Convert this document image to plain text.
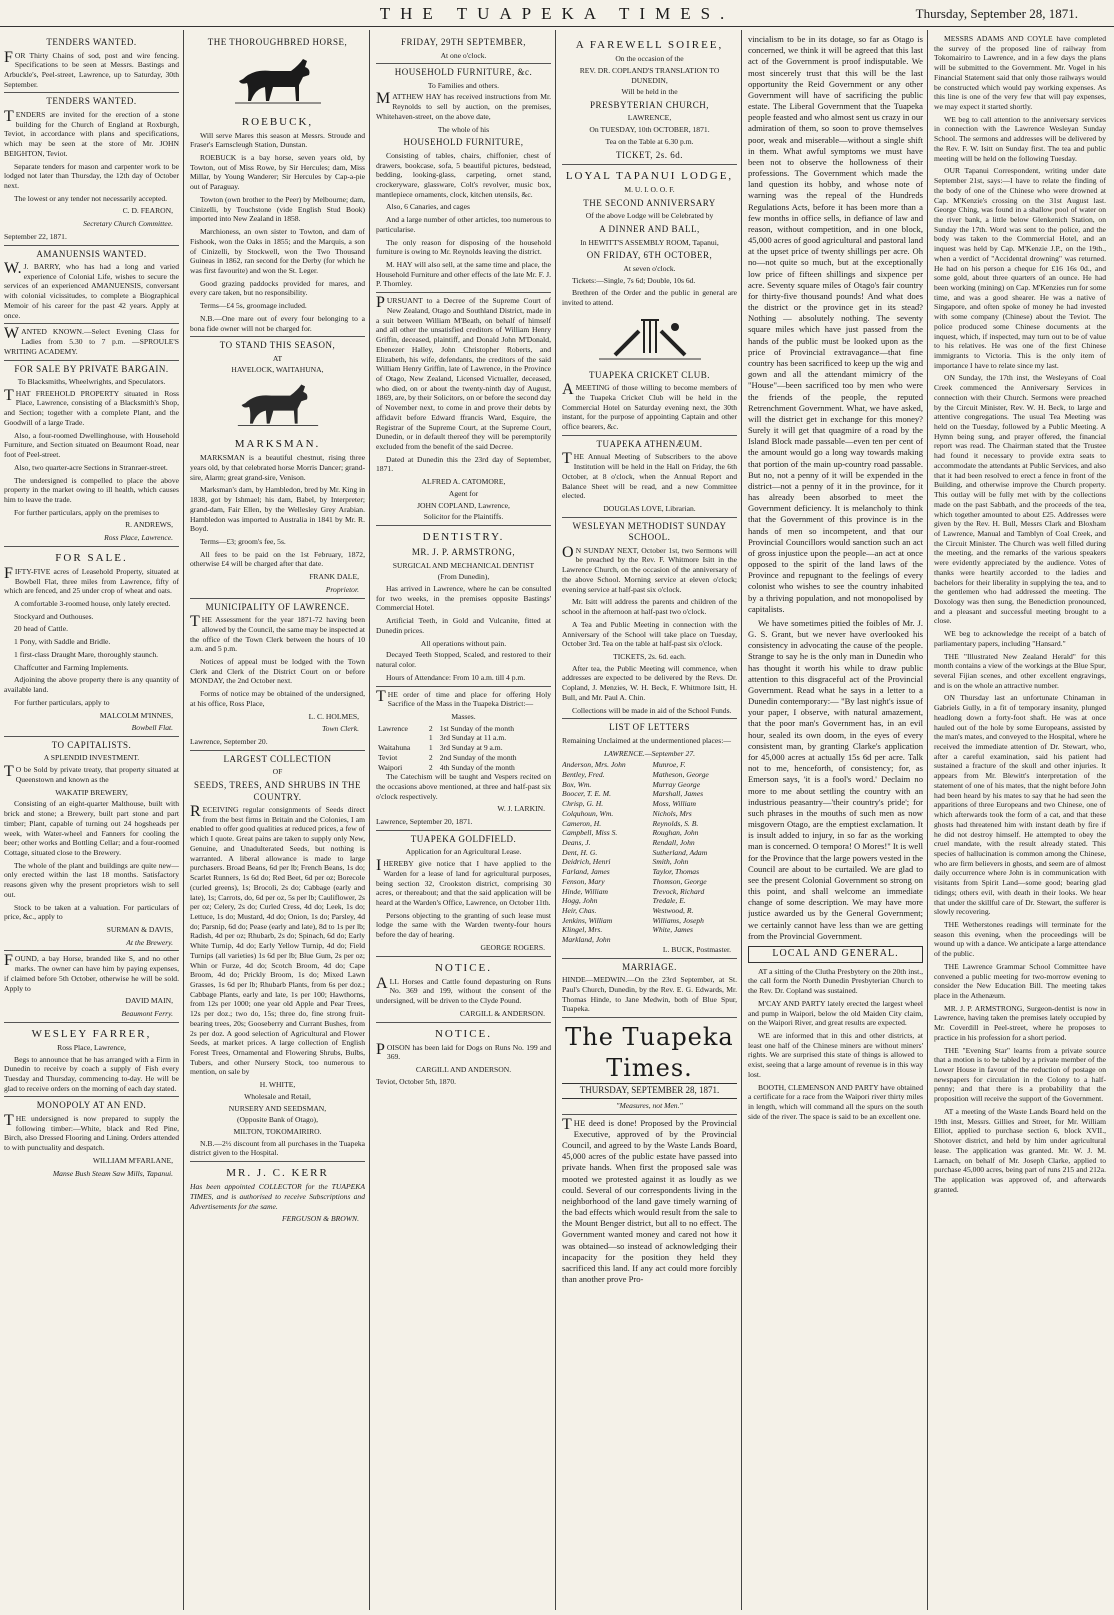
THE TUAPEKA TIMES.	Thursday, September 28, 1871.
TENDERS WANTED.
FOR Thirty Chains of sod, post and wire fencing. Specifications to be seen at Messrs. Bastings and Arbuckle's, Peel-street, Lawrence, up to Saturday, 30th September.
TENDERS WANTED.
TENDERS are invited for the erection of a stone building for the Church of England at Roxburgh, Teviot, in accordance with plans and specifications, which may be seen at the store of Mr. JOHN BEIGHTON, Teviot.
Separate tenders for mason and carpenter work to be lodged not later than Thursday, the 12th day of October next.
The lowest or any tender not necessarily accepted.
C. D. FEARON,
Secretary Church Committee.
September 22, 1871.
AMANUENSIS WANTED.
W.J. BARRY, who has had a long and varied experience of Colonial Life, wishes to secure the services of an experienced AMANUENSIS, conversant with colonial vicissitudes, to complete a Biographical Memoir of his career for the past 42 years. Apply at once.
WANTED KNOWN.—Select Evening Class for Ladies from 5.30 to 7 p.m. —SPROULE'S WRITING ACADEMY.
FOR SALE BY PRIVATE BARGAIN.
To Blacksmiths, Wheelwrights, and Speculators.
THAT FREEHOLD PROPERTY situated in Ross Place, Lawrence, consisting of a Blacksmith's Shop, and Section; together with a complete Plant, and the Goodwill of a large Trade.
Also, a four-roomed Dwellinghouse, with Household Furniture, and Section situated on Beaumont Road, near foot of Peel-street.
Also, two quarter-acre Sections in Stranraer-street.
The undersigned is compelled to place the above property in the market owing to ill health, which causes him to leave the trade.
For further particulars, apply on the premises to
R. ANDREWS,
Ross Place, Lawrence.
FOR SALE.
FIFTY-FIVE acres of Leasehold Property, situated at Bowbell Flat, three miles from Lawrence, fifty of which are fenced, and 25 under crop of wheat and oats.
A comfortable 3-roomed house, only lately erected.
Stockyard and Outhouses.
20 head of Cattle.
1 Pony, with Saddle and Bridle.
1 first-class Draught Mare, thoroughly staunch.
Chaffcutter and Farming Implements.
Adjoining the above property there is any quantity of available land.
For further particulars, apply to
MALCOLM M'INNES,
Bowbell Flat.
TO CAPITALISTS.
A SPLENDID INVESTMENT.
TO be Sold by private treaty, that property situated at Queenstown and known as the
WAKATIP BREWERY,
Consisting of an eight-quarter Malthouse, built with brick and stone; a Brewery, built part stone and part timber; Plant, capable of turning out 24 hogsheads per week, with Water-wheel and Fanners for cooling the beer; other works and Bottling Cellar; and a four-roomed Cottage, situated close to the Brewery.
The whole of the plant and buildings are quite new—only erected within the last 18 months. Satisfactory reasons given why the present proprietors wish to sell out.
Stock to be taken at a valuation. For particulars of price, &c., apply to
SURMAN & DAVIS,
At the Brewery.
FOUND, a bay Horse, branded like S, and no other marks. The owner can have him by paying expenses, if claimed before 5th October, otherwise he will be sold. Apply to
DAVID MAIN,
Beaumont Ferry.
WESLEY FARRER,
Ross Place, Lawrence,
Begs to announce that he has arranged with a Firm in Dunedin to receive by coach a supply of Fish every Tuesday and Thursday, commencing to-day. He will be glad to receive orders on the morning of each day stated.
MONOPOLY AT AN END.
THE undersigned is now prepared to supply the following timber:—White, black and Red Pine, Birch, also Dressed Flooring and Lining. Orders attended to with punctuality and despatch.
WILLIAM M'FARLANE,
Manse Bush Steam Saw Mills, Tapanui.
THE THOROUGHBRED HORSE,
ROEBUCK,
Will serve Mares this season at Messrs. Stroude and Fraser's Earnscleugh Station, Dunstan.
ROEBUCK is a bay horse, seven years old, by Towton, out of Miss Rowe, by Sir Hercules; dam, Miss Millar, by Young Wanderer; Sir Hercules by Cap-a-pie out of Paraguay.
Towton (own brother to the Peer) by Melbourne; dam, Cinizelli, by Touchstone (vide English Stud Book) imported into New Zealand in 1858.
Marchioness, an own sister to Towton, and dam of Fishook, won the Oaks in 1855; and the Marquis, a son of Cinizelli, by Stockwell, won the Two Thousand Guineas in 1862, ran second for the Derby (for which he was first favourite) and won the St. Leger.
Good grazing paddocks provided for mares, and every care taken, but no responsibility.
Terms—£4 5s, groomage included.
N.B.—One mare out of every four belonging to a bona fide owner will not be charged for.
TO STAND THIS SEASON,
AT
HAVELOCK, WAITAHUNA,
MARKSMAN.
MARKSMAN is a beautiful chestnut, rising three years old, by that celebrated horse Morris Dancer; grand-sire, Alarm; great grand-sire, Venison.
Marksman's dam, by Hambledon, bred by Mr. King in 1838, got by Ishmael; his dam, Babel, by Interpreter; grand-dam, Fair Ellen, by the Wellesley Grey Arabian. Hambledon was imported to Australia in 1841 by Mr. R. Boyd.
Terms—£3; groom's fee, 5s.
All fees to be paid on the 1st February, 1872, otherwise £4 will be charged after that date.
FRANK DALE,
Proprietor.
MUNICIPALITY OF LAWRENCE.
THE Assessment for the year 1871-72 having been allowed by the Council, the same may be inspected at the office of the Town Clerk between the hours of 10 a.m. and 5 p.m.
Notices of appeal must be lodged with the Town Clerk and Clerk of the District Court on or before MONDAY, the 2nd October next.
Forms of notice may be obtained of the undersigned, at his office, Ross Place,
L. C. HOLMES,
Town Clerk.
Lawrence, September 20.
LARGEST COLLECTION
OF
SEEDS, TREES, AND SHRUBS IN THE COUNTRY.
RECEIVING regular consignments of Seeds direct from the best firms in Britain and the Colonies, I am enabled to offer good qualities at reduced prices, a few of which I quote. Great pains are taken to supply only New, Genuine, and Unadulterated Seeds, but nothing is warranted. A liberal allowance is made to large purchasers. Broad Beans, 6d per lb; French Beans, 1s do; Scarlet Runners, 1s 6d do; Red Beet, 6d per oz; Borecole (curled greens), 1s; Brocoli, 2s do; Cabbage (early and late), 1s; Carrots, do, 6d per oz, 5s per lb; Cauliflower, 2s per oz; Celery, 2s do; Curled Cress, 4d do; Leek, 1s do; Lettuce, 1s do; Mustard, 4d do; Onion, 1s do; Parsley, 4d do; Parsnip, 6d do; Pease (early and late), 8d to 1s per lb; Radish, 4d per oz; Rhubarb, 2s do; Spinach, 6d do; Early White Turnip, 4d do; Early Yellow Turnip, 4d do; Field Turnips (all varieties) 1s 6d per lb; Blue Gum, 2s per oz; Whin or Furze, 4d do; Scotch Broom, 4d do; Cape Broom, 4d do; Prickly Broom, 1s do; Mixed Lawn Grasses, 1s 6d per lb; Rhubarb Plants, from 6s per doz.; Cabbage Plants, early and late, 1s per 100; Hawthorns, from 12s per 1000; one year old Apple and Pear Trees, 12s per doz.; two do, 15s; three do, fine strong fruit-bearing trees, 20s; Gooseberry and Currant Bushes, from 2s per doz. A good selection of Agricultural and Flower Seeds, at market prices. A large collection of English Forest Trees, Ornamental and Flowering Shrubs, Bulbs, Tubers, and other Nursery Stock, too numerous to mention, on sale by
H. WHITE,
Wholesale and Retail,
NURSERY AND SEEDSMAN,
(Opposite Bank of Otago),
MILTON, TOKOMAIRIRO.
N.B.—2½ discount from all purchases in the Tuapeka district given to the Hospital.
MR. J. C. KERR
Has been appointed COLLECTOR for the TUAPEKA TIMES, and is authorised to receive Subscriptions and Advertisements for the same.
FERGUSON & BROWN.
FRIDAY, 29TH SEPTEMBER,
At one o'clock.
HOUSEHOLD FURNITURE, &c.
To Families and others.
MATTHEW HAY has received instructions from Mr. Reynolds to sell by auction, on the premises, Whitehaven-street, on the above date,
The whole of his
HOUSEHOLD FURNITURE,
Consisting of tables, chairs, chiffonier, chest of drawers, bookcase, sofa, 5 beautiful pictures, bedstead, bedding, looking-glass, carpeting, ornet stand, crockeryware, glassware, Colt's revolver, music box, mantlepiece ornaments, clock, kitchen utensils, &c.
Also, 6 Canaries, and cages
And a large number of other articles, too numerous to particularise.
The only reason for disposing of the household furniture is owing to Mr. Reynolds leaving the district.
M. HAY will also sell, at the same time and place, the Household Furniture and other effects of the late Mr. F. J. P. Thornley.
PURSUANT to a Decree of the Supreme Court of New Zealand, Otago and Southland District, made in a suit between William M'Beath, on behalf of himself and all other the unsatisfied creditors of William Henry Griffin, deceased, plaintiff, and Donald John M'Donald, Ebenezer Halley, John Christopher Roberts, and Elizabeth, his wife, defendants, the creditors of the said William Henry Griffin, late of Lawrence, in the Province of Otago, New Zealand, Licensed Victualler, deceased, who died, on or about the twenty-ninth day of August, 1869, are, by their Solicitors, on or before the second day of November next, to come in and prove their debts by affidavit before Edward ffrancis Ward, Esquire, the Registrar of the Supreme Court, at the Supreme Court, Dunedin, or in default thereof they will be peremptorily excluded from the benefit of the said Decree.
Dated at Dunedin this the 23rd day of September, 1871.
ALFRED A. CATOMORE,
Agent for
JOHN COPLAND, Lawrence,
Solicitor for the Plaintiffs.
DENTISTRY.
MR. J. P. ARMSTRONG,
SURGICAL AND MECHANICAL DENTIST
(From Dunedin),
Has arrived in Lawrence, where he can be consulted for two weeks, in the premises opposite Bastings' Commercial Hotel.
Artificial Teeth, in Gold and Vulcanite, fitted at Dunedin prices.
All operations without pain.
Decayed Teeth Stopped, Scaled, and restored to their natural color.
Hours of Attendance: From 10 a.m. till 4 p.m.
THE order of time and place for offering Holy Sacrifice of the Mass in the Tuapeka District:—
Masses.
Lawrence	2	1st Sunday of the month
	1	3rd Sunday at 11 a.m.
Waitahuna	1	3rd Sunday at 9 a.m.
Teviot	2	2nd Sunday of the month
Waipori	2	4th Sunday of the month
The Catechism will be taught and Vespers recited on the occasions above mentioned, at three and half-past six o'clock respectively.
W. J. LARKIN.
Lawrence, September 20, 1871.
TUAPEKA GOLDFIELD.
Application for an Agricultural Lease.
IHEREBY give notice that I have applied to the Warden for a lease of land for agricultural purposes, being section 32, Crookston district, comprising 30 acres, or thereabout; and that the said application will be heard at the Warden's Office, Lawrence, on October 11th.
Persons objecting to the granting of such lease must lodge the same with the Warden twenty-four hours before the day of hearing.
GEORGE ROGERS.
NOTICE.
ALL Horses and Cattle found depasturing on Runs No. 369 and 199, without the consent of the undersigned, will be driven to the Clyde Pound.
CARGILL & ANDERSON.
NOTICE.
POISON has been laid for Dogs on Runs No. 199 and 369.
CARGILL AND ANDERSON.
Teviot, October 5th, 1870.
A FAREWELL SOIREE,
On the occasion of the
REV. DR. COPLAND'S TRANSLATION TO DUNEDIN,
Will be held in the
PRESBYTERIAN CHURCH,
LAWRENCE,
On TUESDAY, 10th OCTOBER, 1871.
Tea on the Table at 6.30 p.m.
TICKET, 2s. 6d.
LOYAL TAPANUI LODGE,
M. U. I. O. O. F.
THE SECOND ANNIVERSARY
Of the above Lodge will be Celebrated by
A DINNER AND BALL,
In HEWITT'S ASSEMBLY ROOM, Tapanui,
ON FRIDAY, 6TH OCTOBER,
At seven o'clock.
Tickets:—Single, 7s 6d; Double, 10s 6d.
Brethren of the Order and the public in general are invited to attend.
TUAPEKA CRICKET CLUB.
AMEETING of those willing to become members of the Tuapeka Cricket Club will be held in the Commercial Hotel on Saturday evening next, the 30th instant, for the purpose of appointing Captain and other office bearers, &c.
TUAPEKA ATHENÆUM.
THE Annual Meeting of Subscribers to the above Institution will be held in the Hall on Friday, the 6th October, at 8 o'clock, when the Annual Report and Balance Sheet will be read, and a new Committee elected.
DOUGLAS LOVE, Librarian.
WESLEYAN METHODIST SUNDAY SCHOOL.
ON SUNDAY NEXT, October 1st, two Sermons will be preached by the Rev. F. Whitmore Isitt in the Lawrence Church, on the occasion of the anniversary of the above School. Morning service at eleven o'clock; evening service at half-past six o'clock.
Mr. Isitt will address the parents and children of the school in the afternoon at half-past two o'clock.
A Tea and Public Meeting in connection with the Anniversary of the School will take place on Tuesday, October 3rd. Tea on the table at half-past six o'clock.
TICKETS, 2s. 6d. each.
After tea, the Public Meeting will commence, when addresses are expected to be delivered by the Revs. Dr. Copland, J. Menzies, W. H. Beck, F. Whitmore Isitt, H. Bull, and Mr. Paul A. Chin.
Collections will be made in aid of the School Funds.
LIST OF LETTERS
Remaining Unclaimed at the undermentioned places:—
LAWRENCE.—September 27.
Anderson, Mrs. John
Bentley, Fred.
Box, Wm.
Boocer, T. E. M.
Chrisp, G. H.
Colquhoun, Wm.
Cameron, H.
Campbell, Miss S.
Deans, J.
Dent, H. G.
Deidrich, Henri
Farland, James
Fenson, Mary
Hinde, William
Hogg, John
Heir, Chas.
Jenkins, William
Klingel, Mrs.
Markland, John
Munroe, F.
Matheson, George
Murray George
Marshall, James
Moss, William
Nichols, Mrs
Reynolds, S. B.
Roughan, John
Rendall, John
Sutherland, Adam
Smith, John
Taylor, Thomas
Thomson, George
Trevock, Richard
Tredale, E.
Westwood, R.
Williams, Joseph
White, James
L. BUCK, Postmaster.
MARRIAGE.
HINDE—MEDWIN.—On the 23rd September, at St. Paul's Church, Dunedin, by the Rev. E. G. Edwards, Mr. Thomas Hinde, to Jane Medwin, both of Blue Spur, Tuapeka.
The Tuapeka Times.
THURSDAY, SEPTEMBER 28, 1871.
"Measures, not Men."
THE deed is done! Proposed by the Provincial Executive, approved of by the Provincial Council, and agreed to by the Waste Lands Board, 45,000 acres of the public estate have passed into private hands. When first the proposed sale was mooted we protested against it as loudly as we could. Several of our correspondents living in the neighborhood of the land gave timely warning of the bad effects which would result from the sale to the Mount Benger district, but all to no effect. The Government wanted money and cared not how it was obtained—so instead of acknowledging their incapacity for the position they held they sacrificed this land. If any act could more forcibly than another prove Pro-
vincialism to be in its dotage, so far as Otago is concerned, we think it will be agreed that this last act of the Government is proof indisputable. We most sincerely trust that this will be the last opportunity the Reid Government or any other Government will have of sacrificing the public estate. The Liberal Government that the Tuapeka people feasted and who almost sent us crazy in our admiration of them, so soon to prove themselves poor, weak and miserable—without a single shift in them. What awful symptoms we must have been not to observe the hollowness of their professions. The Government which made the land question its hobby, and whose note of warning was the repeal of the Hundreds Regulations Acts, before it has been more than a few months in office sells, in defiance of law and reason, without competition, and in one block, 45,000 acres of good agricultural and pastoral land at the upset price of twenty shillings per acre. Oh no—not quite so much, but at the exceptionally low price of fifteen shillings and sixpence per acre. Seventy square miles of Otago's fair country for thirty-five thousand pounds! And what does the district or the province get in its stead? Nothing — absolutely nothing. The seventy square miles which have just passed from the hands of the public must be looked upon as the price of Provincial extravagance—that fine country has been sacrificed to keep up the wig and gown and all the attendant mimicry of the "House"—been sacrificed too by men who were the friends of the people, the reputed Retrenchment Government. What, we have asked, will the district get in exchange for this money? Surely it will get that quagmire of a road by the Island Block made passable—even ten per cent of the amount would go a long way towards making that portion of the main up-country road passable. But no, not a penny of it will be expended in the district—not a penny of it in the province, for it has already been absorbed to meet the Government deficiency. It is melancholy to think that the Government of this province is in the hands of men so incompetent, and that our Provincial Councillors would sanction such an act of gross injustice upon the people—an act at once opposed to the spirit of the land laws of the Province and repugnant to the feelings of every colonist who wishes to see the country inhabited by a thriving population, and not monopolised by capitalists.
We have sometimes pitied the foibles of Mr. J. G. S. Grant, but we never have overlooked his consistency in advocating the cause of the people. Strange to say he is the only man in Dunedin who has thought it worth his while to draw public attention to this disgraceful act of the Provincial Government. Read what he says in a letter to a Dunedin contemporary:— "By last night's issue of your paper, I observe, with natural amazement, that the poor man's Government has, in an evil hour, sealed its own doom, in the eyes of every consistent man, by granting Clarke's application for 45,000 acres at actually 15s 6d per acre. Talk not to me, henceforth, of consistency; for, as Emerson says, 'it is a fool's word.' Declaim no more to me about settling the country with an industrious peasantry—'their country's pride'; for such phrases in the mouths of such men as now misgovern Otago, are the emptiest exclamation. It is insult added to injury, in so far as the working man is concerned. O tempora! O Mores!" It is well for the Province that the large powers vested in the Council are about to be curtailed. We are glad to see the present Colonial Government so strong on this point, and shall welcome an immediate change of some description. We may have more justice awarded us by the General Government; we certainly cannot have less than we are getting from the Provincial Government.
LOCAL AND GENERAL.
AT a sitting of the Clutha Presbytery on the 20th inst., the call form the North Dunedin Presbyterian Church to the Rev. Dr. Copland was sustained.
M'CAY AND PARTY lately erected the largest wheel and pump in Waipori, below the old Maiden City claim, on the Waipori River, and great results are expected.
WE are informed that in this and other districts, at least one half of the Chinese miners are without miners' rights. We are surprised this state of things is allowed to exist, seeing that a large amount of revenue is in this way lost.
BOOTH, CLEMENSON AND PARTY have obtained a certificate for a race from the Waipori river thirty miles in length, which will command all the spurs on the south side of the river. The space is said to be an excellent one.
MESSRS ADAMS AND COYLE have completed the survey of the proposed line of railway from Tokomairiro to Lawrence, and in a few days the plans will be submitted to the Government. Mr. Vogel in his Financial Statement said that only those railways would be constructed which would pay working expenses. As this line is one of the very few that will pay expenses, we may expect it started shortly.
WE beg to call attention to the anniversary services in connection with the Lawrence Wesleyan Sunday School. The sermons and addresses will be delivered by the Rev. F. W. Isitt on Sunday first. The tea and public meeting will be held on the following Tuesday.
OUR Tapanui Correspondent, writing under date September 21st, says:—I have to relate the finding of the body of one of the Chinese who were drowned at Cap. M'Kenzie's crossing on the 31st August last. George Ching, was found in a shallow pool of water on the river bank, a little below Glenkenich Station, on Sunday the 17th. Word was sent to the police, and the body was taken to the Commercial Hotel, and an inquest was held by Cap. M'Kenzie J.P., on the 19th., when a verdict of "Accidental drowning" was returned. He had on his person a cheque for £16 16s 0d., and some gold, about three quarters of an ounce. He had been working (mining) on Cap. M'Kenzies run for some time, and was a good shearer. He was a native of Singapore, and often spoke of money he had invested with some company (Chinese) about the Teviot. The police produced some Chinese documents at the inquest, which, if inspected, may turn out to be of value to his relatives. He was one of the first Chinese immigrants to Victoria. This is the only item of importance I have to relate since my last.
ON Sunday, the 17th inst, the Wesleyans of Coal Creek commenced the Anniversary Services in connection with their Church. Sermons were preached by the Circuit Minister, Rev. W. H. Beck, to large and attentive congregations. The usual Tea Meeting was held on the Tuesday, followed by a Public Meeting. A Hymn being sung, and prayer offered, the financial report was read. The Chairman stated that the Trustee had found it necessary to provide extra seats to accommodate the attendants at Public Services, and also that it had been resolved to erect a fence in front of the Building, and otherwise improve the Church property. This outlay will be fully met with by the collections made on the past Sabbath, and the proceeds of the tea, which together amounted to about £25. Addresses were given by the Rev. H. Bull, Messrs Clark and Bloxham of Lawrence, Manual and Tamblyn of Coal Creek, and the Circuit Minister. The Church was well filled during the meeting, and the remarks of the various speakers were evidently appreciated by the audience. Votes of thanks were heartily accorded to the ladies and bachelors for their liberality in supplying the tea, and to the gentlemen who had addressed the meeting. The Doxology was then sung, the Benediction pronounced, and a pleasant and successful meeting brought to a close.
WE beg to acknowledge the receipt of a batch of parliamentary papers, including "Hansard."
THE "Illustrated New Zealand Herald" for this month contains a view of the workings at the Blue Spur, several Fijian scenes, and other excellent engravings, and is on the whole an attractive number.
ON Thursday last an unfortunate Chinaman in Gabriels Gully, in a fit of temporary insanity, plunged headlong down a forty-foot shaft. He was at once hauled out of the hole by some Europeans, assisted by the man's mates, and conveyed to the Hospital, where he received the immediate attention of Dr. Stewart, who, after a careful examination, said his patient had sustained a fracture of the skull and other injuries. It appears from Mr. Blewitt's interpretation of the statement of one of his mates, that the night before John had been heard by his mates to say that he had seen the apparitions of three Europeans and two Chinese, one of which afterwards took the form of a cat, and that these ghosts had threatened him with instant death by fire if he did not destroy himself. He attempted to obey the cruel mandate, with the result already stated. This species of hallucination is common among the Chinese, who are firm believers in ghosts, and seem are of almost daily occurrence where John is in communication with visitants from Spirit Land—some good; bearing glad tidings; others evil, with death in their looks. We hear that under the skillful care of Dr. Stewart, the sufferer is slowly recovering.
THE Wetherstones readings will terminate for the season this evening, when the proceedings will be wound up with a dance. We anticipate a large attendance of the public.
THE Lawrence Grammar School Committee have convened a public meeting for two-morrow evening to consider the New Education Bill. The meeting takes place in the Athenæum.
MR. J. P. ARMSTRONG, Surgeon-dentist is now in Lawrence, having taken the premises lately occupied by Mr. Coverdill in Peel-street, where he proposes to practice in his profession for a short period.
THE "Evening Star" learns from a private source that a motion is to be tabled by a private member of the Lower House in favour of the reduction of postage on newspapers for circulation in the Colony to a half-penny; and that there is a probability that the proposition will receive the support of the Government.
AT a meeting of the Waste Lands Board held on the 19th inst, Messrs. Gillies and Street, for Mr. William Elliot, applied to purchase section 6, block XVII., Shotover district, and held by him under agricultural lease. The application was granted. Mr. W. J. M. Larnach, on behalf of Mr. Joseph Clarke, applied to purchase 45,000 acres, being part of runs 215 and 212a. The application was approved of, and afterwards granted.
